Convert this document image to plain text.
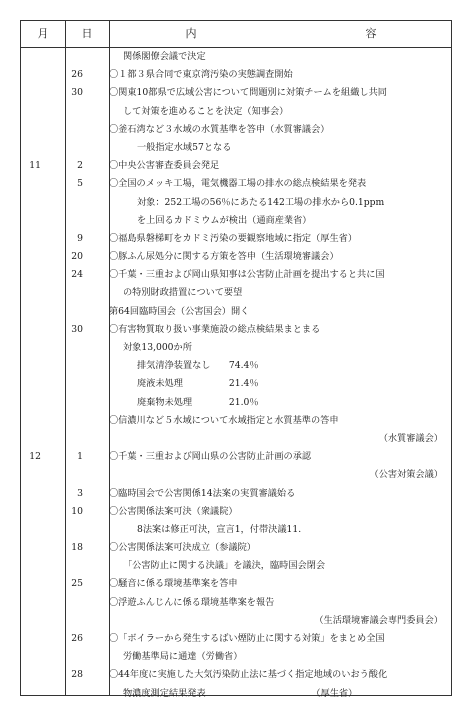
月	日	内	容
関係閣僚会議で決定
26	〇１都３県合同で東京湾汚染の実態調査開始
30	〇関東10都県で広域公害について問題別に対策チームを組織し共同
して対策を進めることを決定（知事会）
〇釜石湾など３水域の水質基準を答申（水質審議会）
一般指定水域57となる
11	2	〇中央公害審査委員会発足
5	〇全国のメッキ工場，電気機器工場の排水の総点検結果を発表
対象：252工場の56％にあたる142工場の排水から0.1ppm
を上回るカドミウムが検出（通商産業省）
9	〇福島県磐梯町をカドミ汚染の要観察地域に指定（厚生省）
20	〇豚ふん尿処分に関する方策を答申（生活環境審議会）
24	〇千葉・三重および岡山県知事は公害防止計画を提出すると共に国
の特別財政措置について要望
第64回臨時国会（公害国会）開く
30	〇有害物質取り扱い事業施設の総点検結果まとまる
対象13,000か所
排気清浄装置なし　　74.4％
廃液未処理　　　　　21.4％
廃棄物未処理　　　　21.0％
〇信濃川など５水域について水域指定と水質基準の答申
（水質審議会）
12	1	〇千葉・三重および岡山県の公害防止計画の承認
（公害対策会議）
3	〇臨時国会で公害関係14法案の実質審議始る
10	〇公害関係法案可決（衆議院）
8法案は修正可決，宣言1，付帯決議11.
18	〇公害関係法案可決成立（参議院）
「公害防止に関する決議」を議決，臨時国会閉会
25	〇騒音に係る環境基準案を答申
〇浮遊ふんじんに係る環境基準案を報告
（生活環境審議会専門委員会）
26	〇「ボイラーから発生するばい煙防止に関する対策」をまとめ全国
労働基準局に通達（労働省）
28	〇44年度に実施した大気汚染防止法に基づく指定地域のいおう酸化
物濃度測定結果発表　　　　　　　　　　　　（厚生省）
